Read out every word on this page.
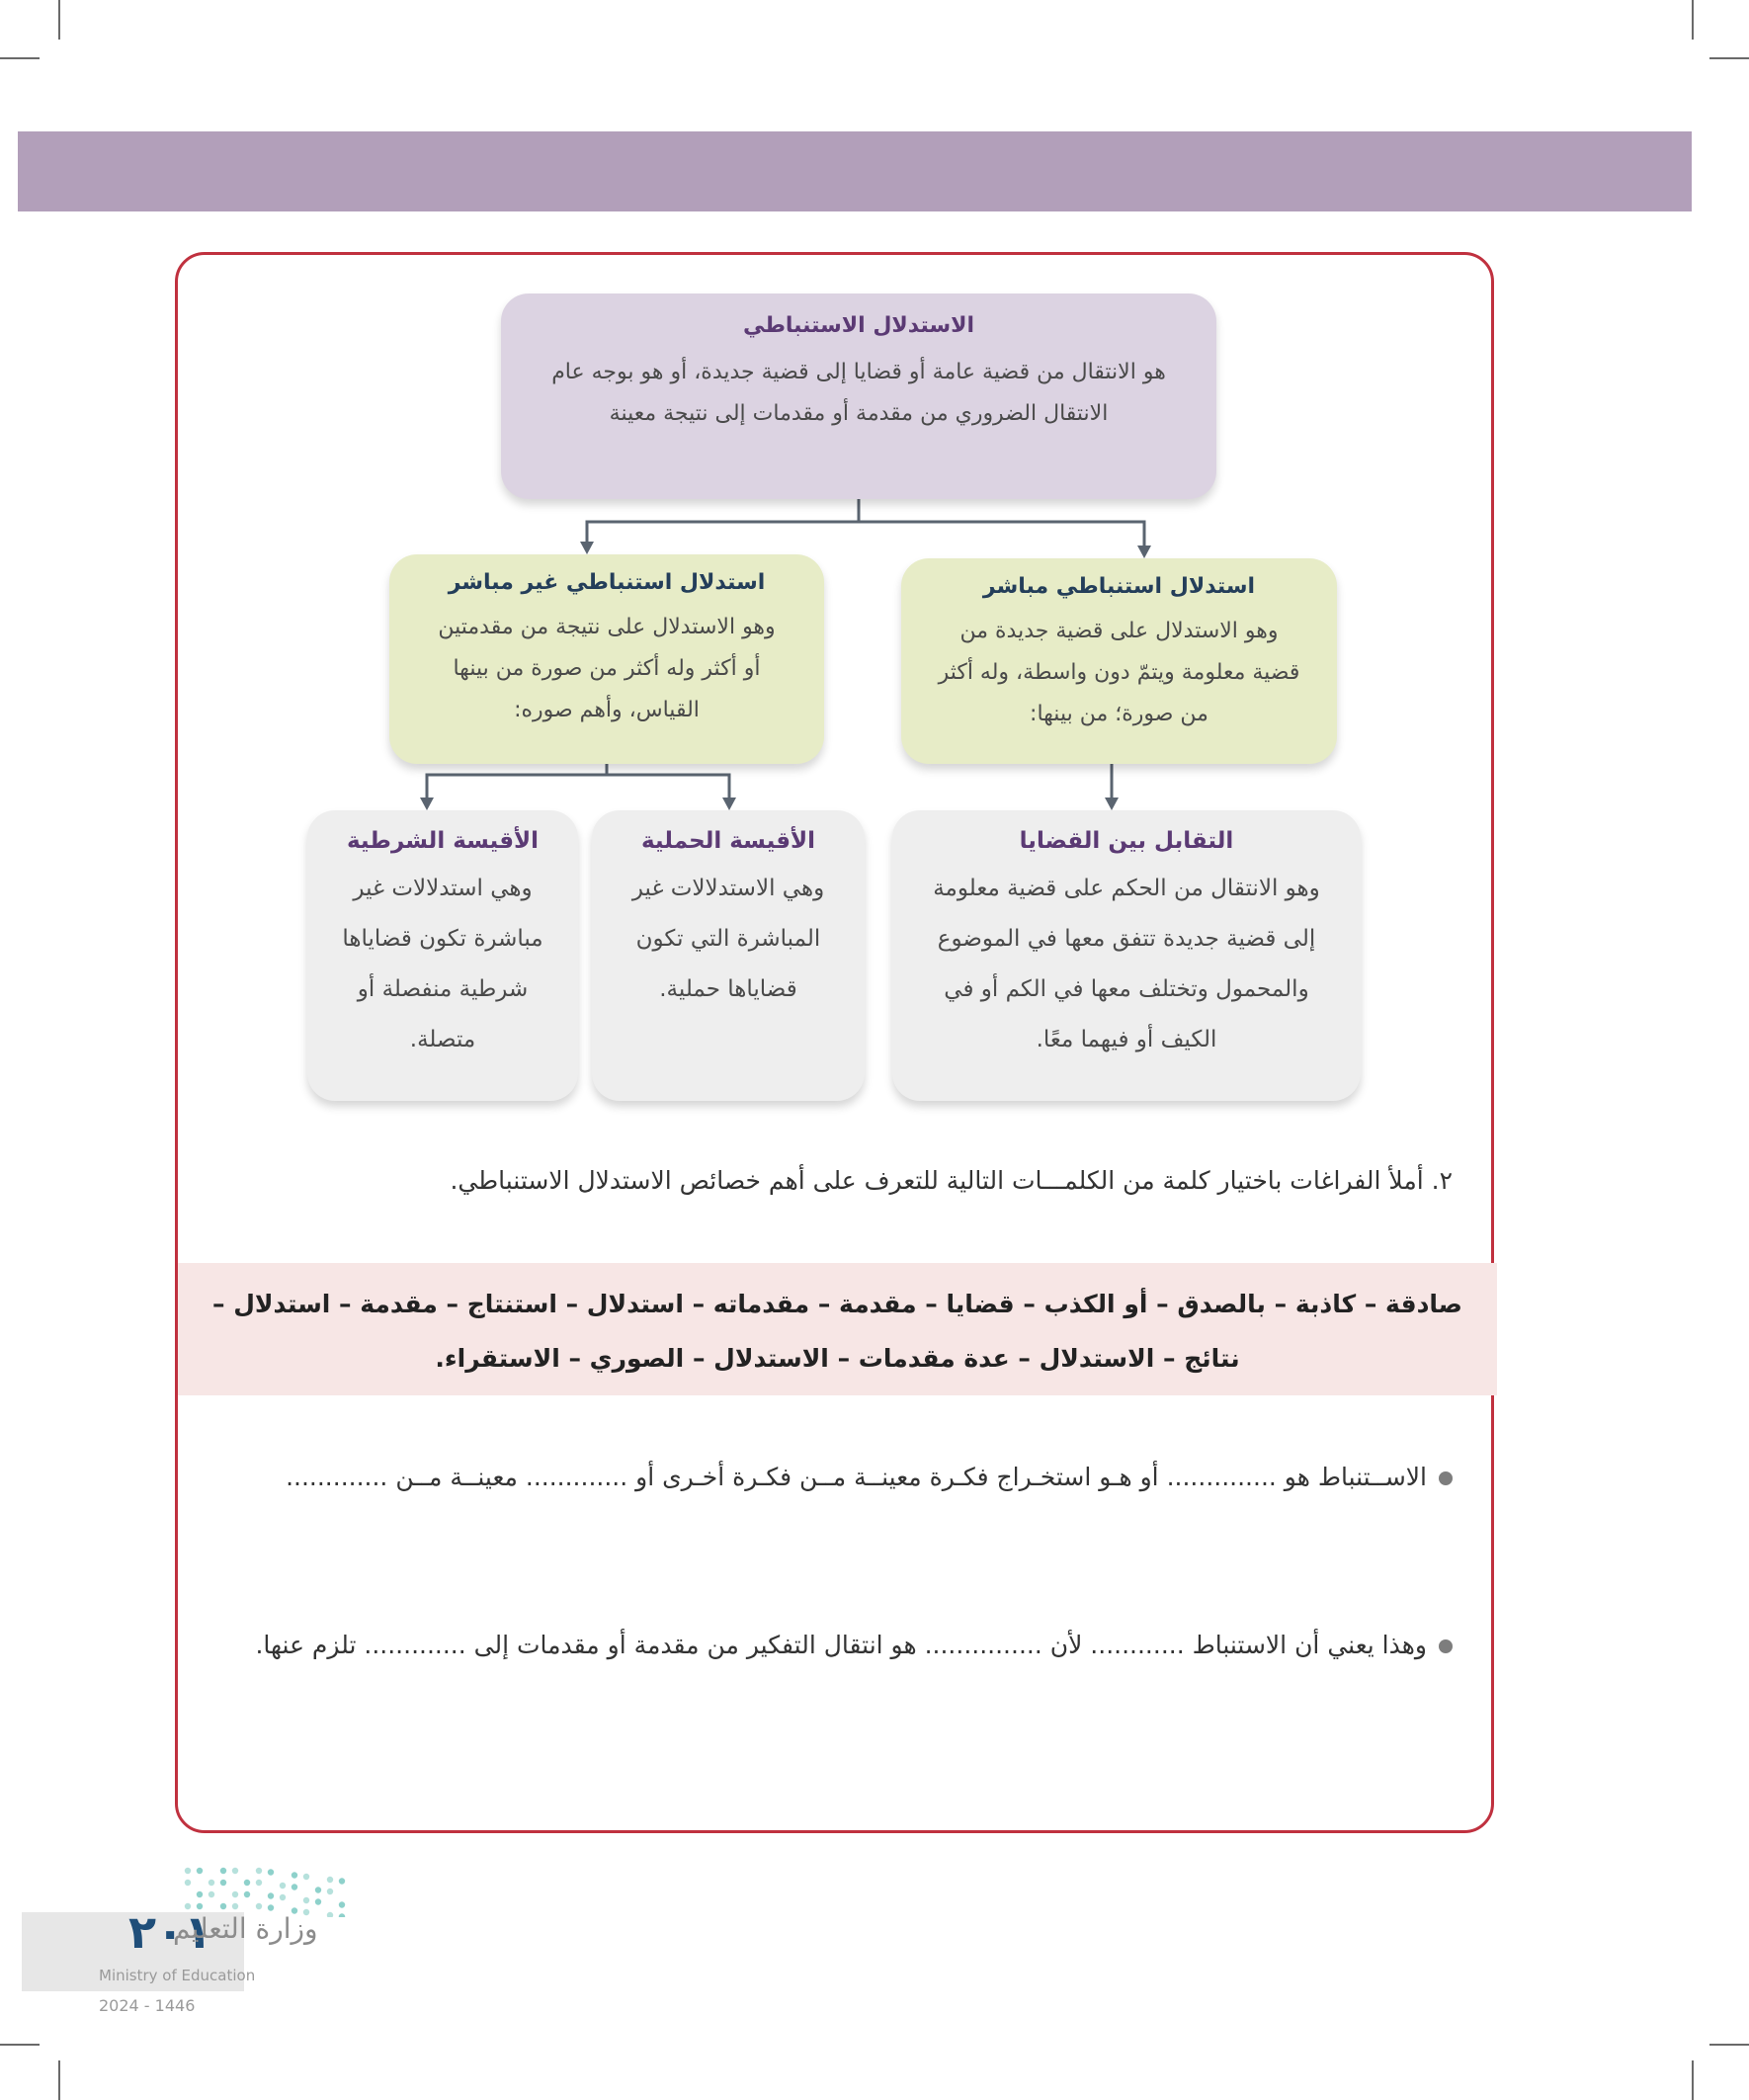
الاستدلال الاستنباطي
هو الانتقال من قضية عامة أو قضايا إلى قضية جديدة، أو هو بوجه عام
الانتقال الضروري من مقدمة أو مقدمات إلى نتيجة معينة
استدلال استنباطي مباشر
وهو الاستدلال على قضية جديدة من
قضية معلومة ويتمّ دون واسطة، وله أكثر
من صورة؛ من بينها:
استدلال استنباطي غير مباشر
وهو الاستدلال على نتيجة من مقدمتين
أو أكثر وله أكثر من صورة من بينها
القياس، وأهم صوره:
التقابل بين القضايا
وهو الانتقال من الحكم على قضية معلومة
إلى قضية جديدة تتفق معها في الموضوع
والمحمول وتختلف معها في الكم أو في
الكيف أو فيهما معًا.
الأقيسة الحملية
وهي الاستدلالات غير
المباشرة التي تكون
قضاياها حملية.
الأقيسة الشرطية
وهي استدلالات غير
مباشرة تكون قضاياها
شرطية منفصلة أو
متصلة.
٢. أملأ الفراغات باختيار كلمة من الكلمـــات التالية للتعرف على أهم خصائص الاستدلال الاستنباطي.
صادقة – كاذبة – بالصدق – أو الكذب – قضايا – مقدمة – مقدماته – استدلال – استنتاج – مقدمة – استدلال –
نتائج – الاستدلال – عدة مقدمات – الاستدلال – الصوري – الاستقراء.
الاســتنباط هو .............. أو هـو استخـراج فكـرة معينــة مــن فكـرة أخـرى أو ............. معينــة مــن .............
وهذا يعني أن الاستنباط ............ لأن ............... هو انتقال التفكير من مقدمة أو مقدمات إلى ............. تلزم عنها.
٢٠١
وزارة التعليم
Ministry of Education
2024 - 1446
